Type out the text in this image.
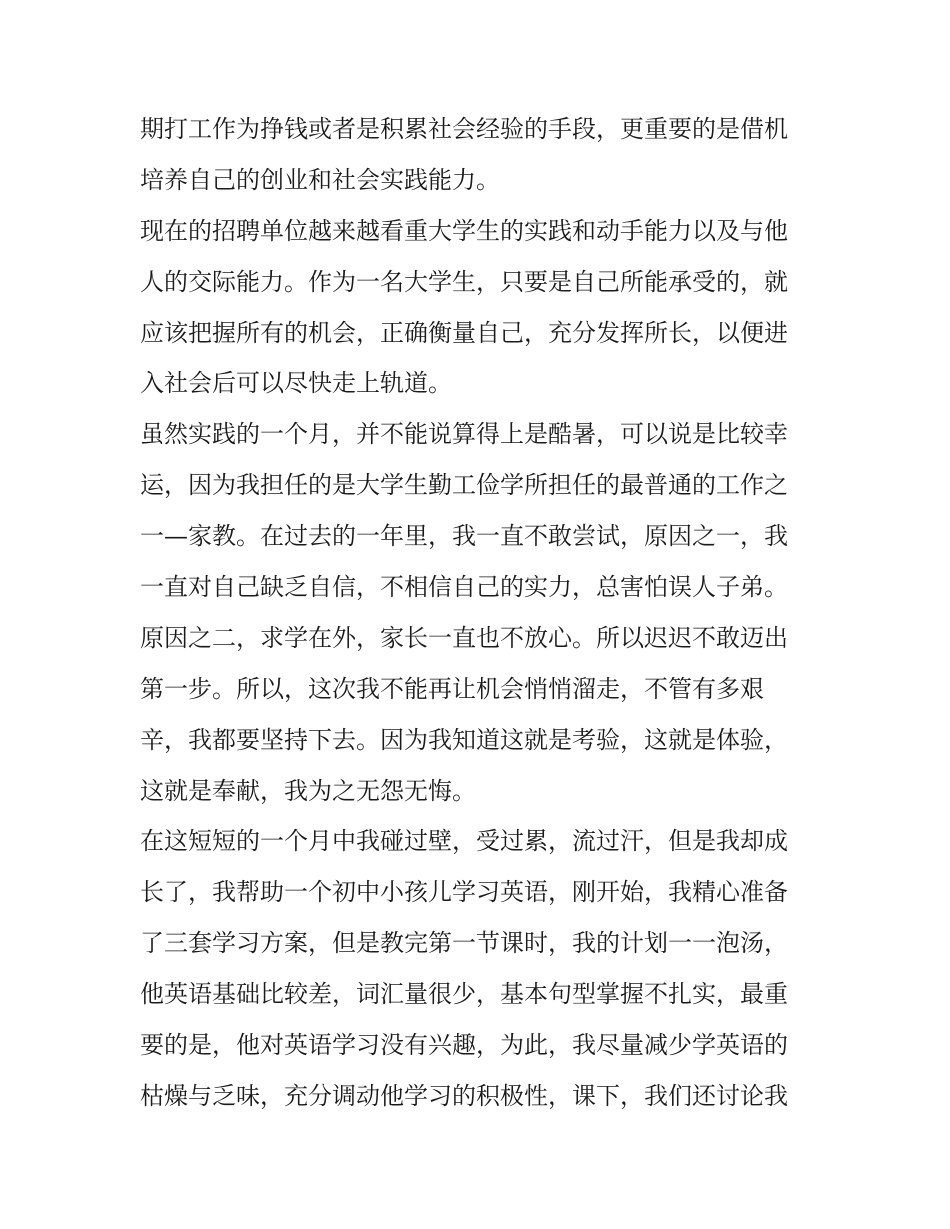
期打工作为挣钱或者是积累社会经验的手段，更重要的是借机
培养自己的创业和社会实践能力。
现在的招聘单位越来越看重大学生的实践和动手能力以及与他
人的交际能力。作为一名大学生，只要是自己所能承受的，就
应该把握所有的机会，正确衡量自己，充分发挥所长，以便进
入社会后可以尽快走上轨道。
虽然实践的一个月，并不能说算得上是酷暑，可以说是比较幸
运，因为我担任的是大学生勤工俭学所担任的最普通的工作之
一—家教。在过去的一年里，我一直不敢尝试，原因之一，我
一直对自己缺乏自信，不相信自己的实力，总害怕误人子弟。
原因之二，求学在外，家长一直也不放心。所以迟迟不敢迈出
第一步。所以，这次我不能再让机会悄悄溜走，不管有多艰
辛，我都要坚持下去。因为我知道这就是考验，这就是体验，
这就是奉献，我为之无怨无悔。
在这短短的一个月中我碰过壁，受过累，流过汗，但是我却成
长了，我帮助一个初中小孩儿学习英语，刚开始，我精心准备
了三套学习方案，但是教完第一节课时，我的计划一一泡汤，
他英语基础比较差，词汇量很少，基本句型掌握不扎实，最重
要的是，他对英语学习没有兴趣，为此，我尽量减少学英语的
枯燥与乏味，充分调动他学习的积极性，课下，我们还讨论我
